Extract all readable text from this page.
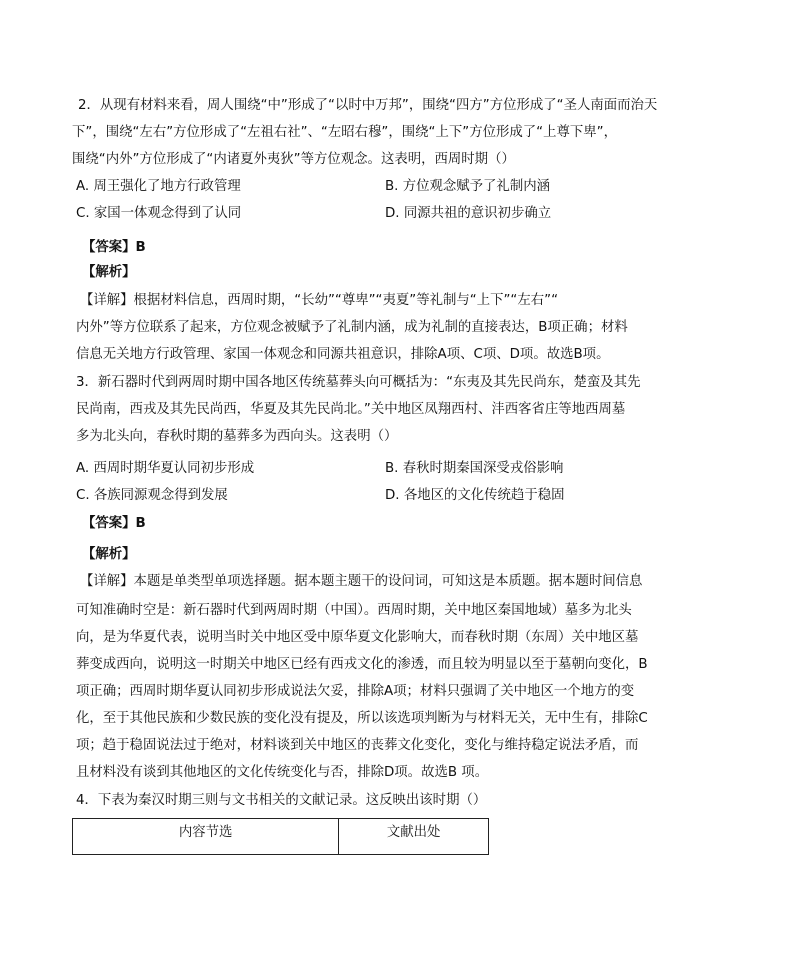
2．从现有材料来看，周人围绕“中”形成了“以时中万邦”，围绕“四方”方位形成了“圣人南面而治天
下”，围绕“左右”方位形成了“左祖右社”、“左昭右穆”，围绕“上下”方位形成了“上尊下卑”，
围绕“内外”方位形成了“内诸夏外夷狄”等方位观念。这表明，西周时期（）
A. 周王强化了地方行政管理	B. 方位观念赋予了礼制内涵
C. 家国一体观念得到了认同	D. 同源共祖的意识初步确立
【答案】B
【解析】
【详解】根据材料信息，西周时期，“长幼”“尊卑”“夷夏”等礼制与“上下”“左右”“
内外”等方位联系了起来，方位观念被赋予了礼制内涵，成为礼制的直接表达，B项正确；材料
信息无关地方行政管理、家国一体观念和同源共祖意识，排除A项、C项、D项。故选B项。
3．新石器时代到两周时期中国各地区传统墓葬头向可概括为：“东夷及其先民尚东，楚蛮及其先
民尚南，西戎及其先民尚西，华夏及其先民尚北。”关中地区凤翔西村、沣西客省庄等地西周墓
多为北头向，春秋时期的墓葬多为西向头。这表明（）
A. 西周时期华夏认同初步形成	B. 春秋时期秦国深受戎俗影响
C. 各族同源观念得到发展	D. 各地区的文化传统趋于稳固
【答案】B
【解析】
【详解】本题是单类型单项选择题。据本题主题干的设问词，可知这是本质题。据本题时间信息
可知准确时空是：新石器时代到两周时期（中国）。西周时期，关中地区秦国地域）墓多为北头
向，是为华夏代表，说明当时关中地区受中原华夏文化影响大，而春秋时期（东周）关中地区墓
葬变成西向，说明这一时期关中地区已经有西戎文化的渗透，而且较为明显以至于墓朝向变化，B
项正确；西周时期华夏认同初步形成说法欠妥，排除A项；材料只强调了关中地区一个地方的变
化，至于其他民族和少数民族的变化没有提及，所以该选项判断为与材料无关，无中生有，排除C
项；趋于稳固说法过于绝对，材料谈到关中地区的丧葬文化变化，变化与维持稳定说法矛盾，而
且材料没有谈到其他地区的文化传统变化与否，排除D项。故选B 项。
4．下表为秦汉时期三则与文书相关的文献记录。这反映出该时期（）
内容节选	文献出处
